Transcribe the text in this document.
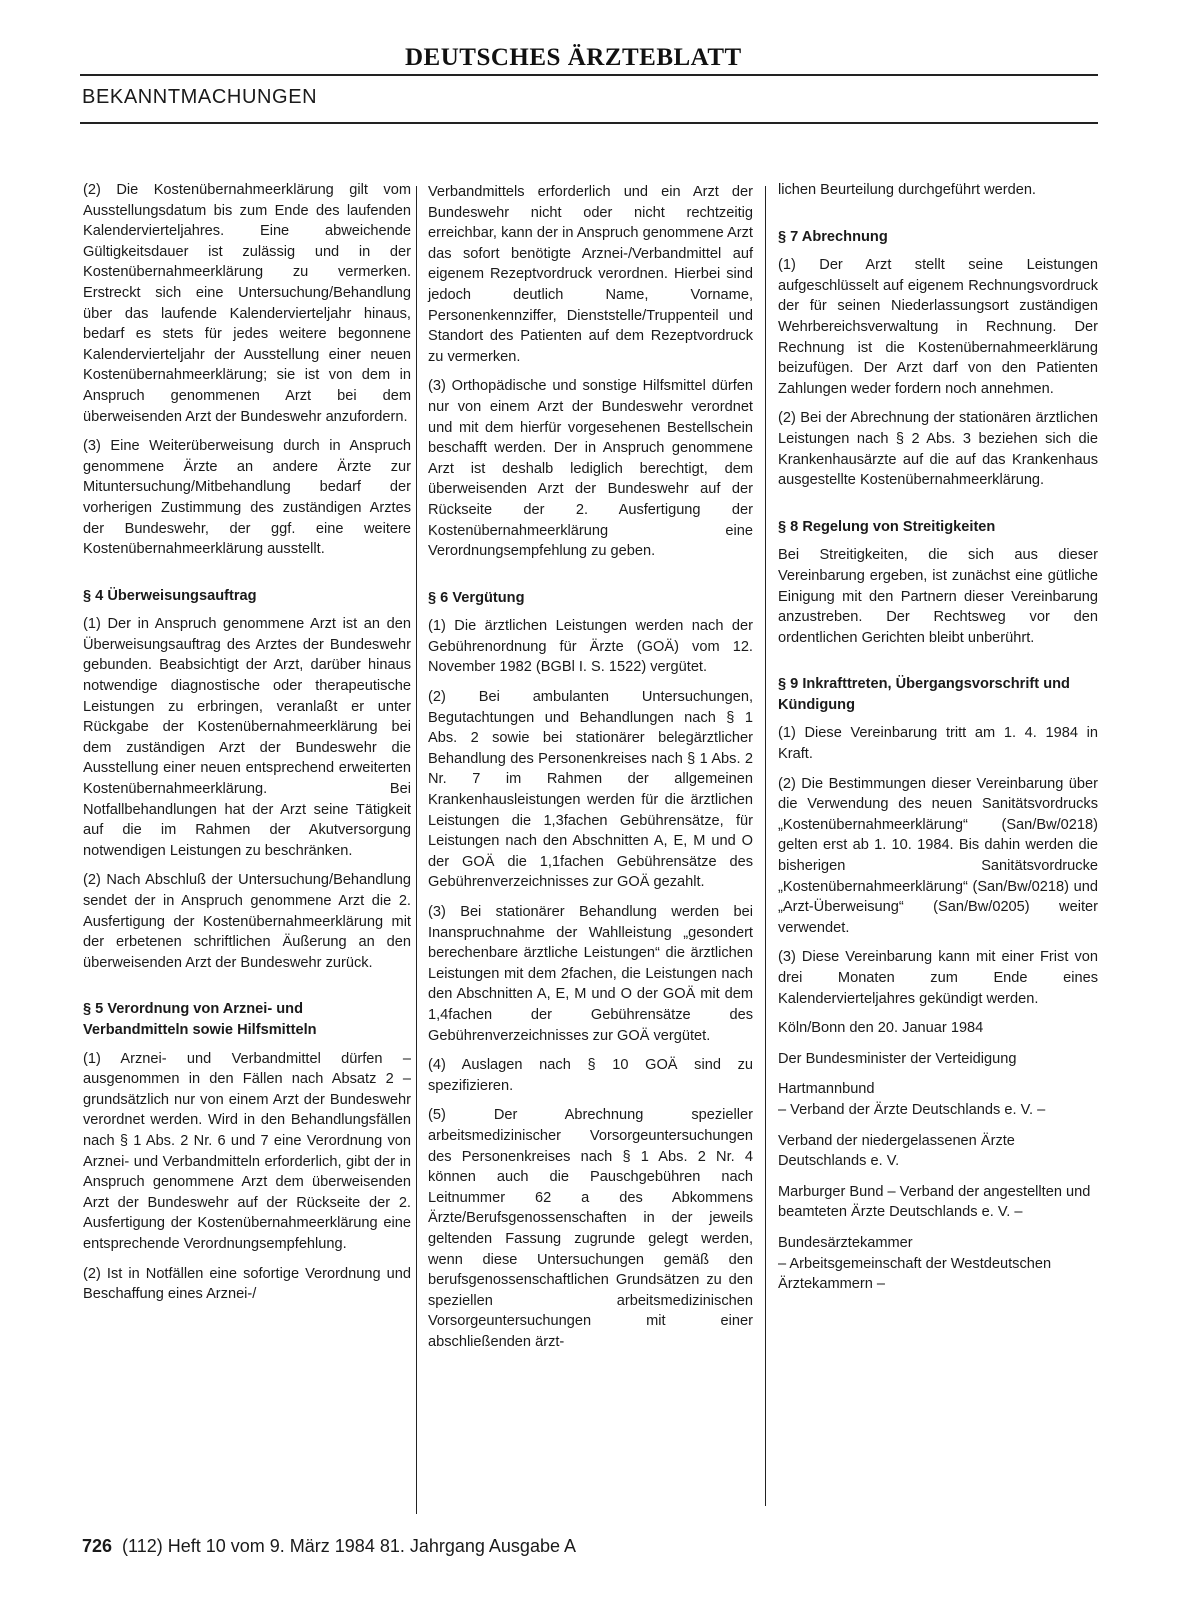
DEUTSCHES ÄRZTEBLATT
BEKANNTMACHUNGEN

(2) Die Kostenübernahmeerklärung gilt vom Ausstellungsdatum bis zum Ende des laufenden Kalendervierteljahres. Eine abweichende Gültigkeitsdauer ist zulässig und in der Kostenübernahmeerklärung zu vermerken. Erstreckt sich eine Untersuchung/Behandlung über das laufende Kalendervierteljahr hinaus, bedarf es stets für jedes weitere begonnene Kalendervierteljahr der Ausstellung einer neuen Kostenübernahmeerklärung; sie ist von dem in Anspruch genommenen Arzt bei dem überweisenden Arzt der Bundeswehr anzufordern.

(3) Eine Weiterüberweisung durch in Anspruch genommene Ärzte an andere Ärzte zur Mituntersuchung/Mitbehandlung bedarf der vorherigen Zustimmung des zuständigen Arztes der Bundeswehr, der ggf. eine weitere Kostenübernahmeerklärung ausstellt.

§ 4 Überweisungsauftrag

(1) Der in Anspruch genommene Arzt ist an den Überweisungsauftrag des Arztes der Bundeswehr gebunden. Beabsichtigt der Arzt, darüber hinaus notwendige diagnostische oder therapeutische Leistungen zu erbringen, veranlaßt er unter Rückgabe der Kostenübernahmeerklärung bei dem zuständigen Arzt der Bundeswehr die Ausstellung einer neuen entsprechend erweiterten Kostenübernahmeerklärung. Bei Notfallbehandlungen hat der Arzt seine Tätigkeit auf die im Rahmen der Akutversorgung notwendigen Leistungen zu beschränken.

(2) Nach Abschluß der Untersuchung/Behandlung sendet der in Anspruch genommene Arzt die 2. Ausfertigung der Kostenübernahmeerklärung mit der erbetenen schriftlichen Äußerung an den überweisenden Arzt der Bundeswehr zurück.

§ 5 Verordnung von Arznei- und Verbandmitteln sowie Hilfsmitteln

(1) Arznei- und Verbandmittel dürfen – ausgenommen in den Fällen nach Absatz 2 – grundsätzlich nur von einem Arzt der Bundeswehr verordnet werden. Wird in den Behandlungsfällen nach § 1 Abs. 2 Nr. 6 und 7 eine Verordnung von Arznei- und Verbandmitteln erforderlich, gibt der in Anspruch genommene Arzt dem überweisenden Arzt der Bundeswehr auf der Rückseite der 2. Ausfertigung der Kostenübernahmeerklärung eine entsprechende Verordnungsempfehlung.

(2) Ist in Notfällen eine sofortige Verordnung und Beschaffung eines Arznei-/

Verbandmittels erforderlich und ein Arzt der Bundeswehr nicht oder nicht rechtzeitig erreichbar, kann der in Anspruch genommene Arzt das sofort benötigte Arznei-/Verbandmittel auf eigenem Rezeptvordruck verordnen. Hierbei sind jedoch deutlich Name, Vorname, Personenkennziffer, Dienststelle/Truppenteil und Standort des Patienten auf dem Rezeptvordruck zu vermerken.

(3) Orthopädische und sonstige Hilfsmittel dürfen nur von einem Arzt der Bundeswehr verordnet und mit dem hierfür vorgesehenen Bestellschein beschafft werden. Der in Anspruch genommene Arzt ist deshalb lediglich berechtigt, dem überweisenden Arzt der Bundeswehr auf der Rückseite der 2. Ausfertigung der Kostenübernahmeerklärung eine Verordnungsempfehlung zu geben.

§ 6 Vergütung

(1) Die ärztlichen Leistungen werden nach der Gebührenordnung für Ärzte (GOÄ) vom 12. November 1982 (BGBl I. S. 1522) vergütet.

(2) Bei ambulanten Untersuchungen, Begutachtungen und Behandlungen nach § 1 Abs. 2 sowie bei stationärer belegärztlicher Behandlung des Personenkreises nach § 1 Abs. 2 Nr. 7 im Rahmen der allgemeinen Krankenhausleistungen werden für die ärztlichen Leistungen die 1,3fachen Gebührensätze, für Leistungen nach den Abschnitten A, E, M und O der GOÄ die 1,1fachen Gebührensätze des Gebührenverzeichnisses zur GOÄ gezahlt.

(3) Bei stationärer Behandlung werden bei Inanspruchnahme der Wahlleistung „gesondert berechenbare ärztliche Leistungen“ die ärztlichen Leistungen mit dem 2fachen, die Leistungen nach den Abschnitten A, E, M und O der GOÄ mit dem 1,4fachen der Gebührensätze des Gebührenverzeichnisses zur GOÄ vergütet.

(4) Auslagen nach § 10 GOÄ sind zu spezifizieren.

(5) Der Abrechnung spezieller arbeitsmedizinischer Vorsorgeuntersuchungen des Personenkreises nach § 1 Abs. 2 Nr. 4 können auch die Pauschgebühren nach Leitnummer 62 a des Abkommens Ärzte/Berufsgenossenschaften in der jeweils geltenden Fassung zugrunde gelegt werden, wenn diese Untersuchungen gemäß den berufsgenossenschaftlichen Grundsätzen zu den speziellen arbeitsmedizinischen Vorsorgeuntersuchungen mit einer abschließenden ärzt-

lichen Beurteilung durchgeführt werden.

§ 7 Abrechnung

(1) Der Arzt stellt seine Leistungen aufgeschlüsselt auf eigenem Rechnungsvordruck der für seinen Niederlassungsort zuständigen Wehrbereichsverwaltung in Rechnung. Der Rechnung ist die Kostenübernahmeerklärung beizufügen. Der Arzt darf von den Patienten Zahlungen weder fordern noch annehmen.

(2) Bei der Abrechnung der stationären ärztlichen Leistungen nach § 2 Abs. 3 beziehen sich die Krankenhausärzte auf die auf das Krankenhaus ausgestellte Kostenübernahmeerklärung.

§ 8 Regelung von Streitigkeiten

Bei Streitigkeiten, die sich aus dieser Vereinbarung ergeben, ist zunächst eine gütliche Einigung mit den Partnern dieser Vereinbarung anzustreben. Der Rechtsweg vor den ordentlichen Gerichten bleibt unberührt.

§ 9 Inkrafttreten, Übergangsvorschrift und Kündigung

(1) Diese Vereinbarung tritt am 1. 4. 1984 in Kraft.

(2) Die Bestimmungen dieser Vereinbarung über die Verwendung des neuen Sanitätsvordrucks „Kostenübernahmeerklärung“ (San/Bw/0218) gelten erst ab 1. 10. 1984. Bis dahin werden die bisherigen Sanitätsvordrucke „Kostenübernahmeerklärung“ (San/Bw/0218) und „Arzt-Überweisung“ (San/Bw/0205) weiter verwendet.

(3) Diese Vereinbarung kann mit einer Frist von drei Monaten zum Ende eines Kalendervierteljahres gekündigt werden.

Köln/Bonn den 20. Januar 1984

Der Bundesminister der Verteidigung

Hartmannbund
– Verband der Ärzte Deutschlands e. V. –

Verband der niedergelassenen Ärzte Deutschlands e. V.

Marburger Bund – Verband der angestellten und beamteten Ärzte Deutschlands e. V. –

Bundesärztekammer
– Arbeitsgemeinschaft der Westdeutschen Ärztekammern –

726 (112) Heft 10 vom 9. März 1984 81. Jahrgang Ausgabe A
